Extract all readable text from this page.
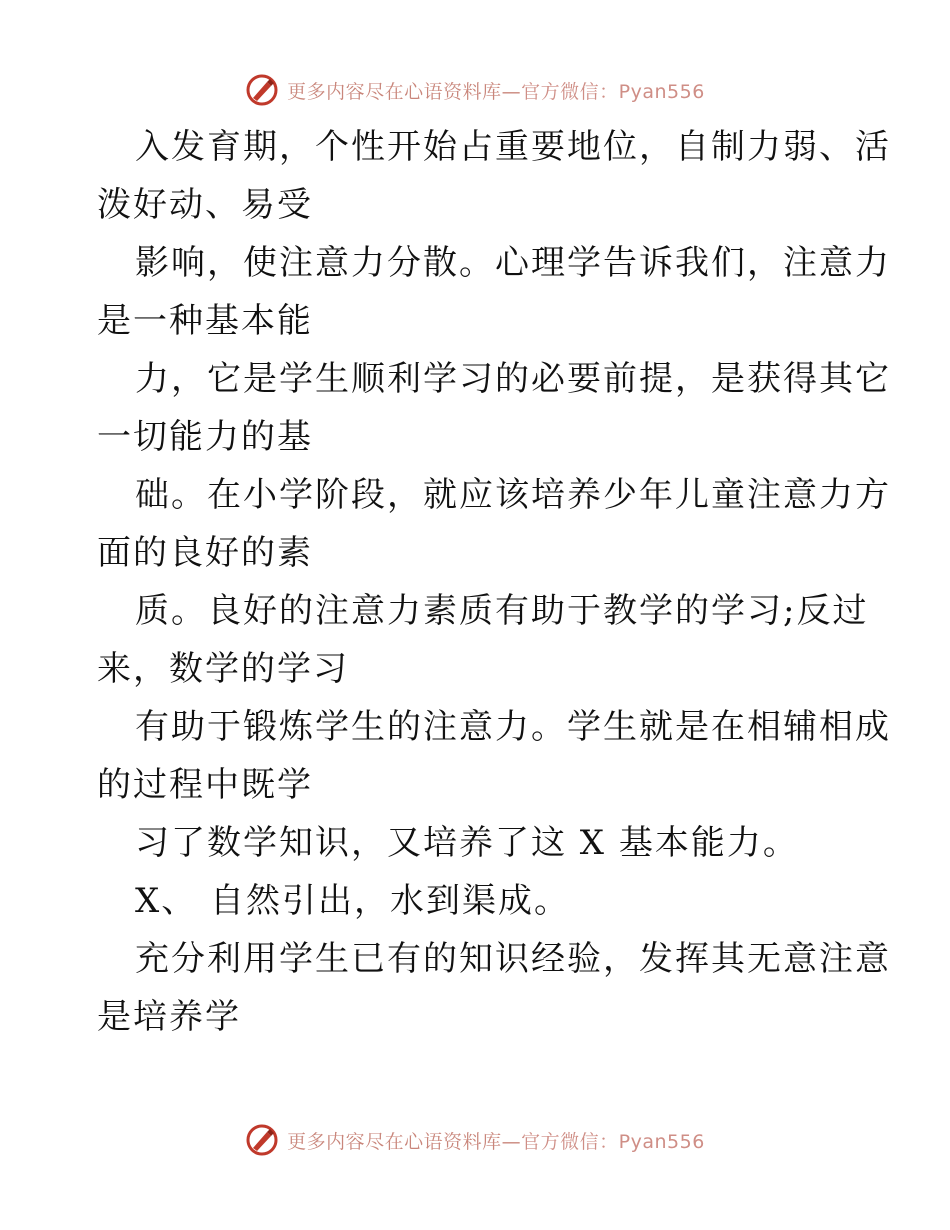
更多内容尽在心语资料库—官方微信：Pyan556
入发育期，个性开始占重要地位，自制力弱、活
泼好动、易受
影响，使注意力分散。心理学告诉我们，注意力
是一种基本能
力，它是学生顺利学习的必要前提，是获得其它
一切能力的基
础。在小学阶段，就应该培养少年儿童注意力方
面的良好的素
质。良好的注意力素质有助于教学的学习;反过
来，数学的学习
有助于锻炼学生的注意力。学生就是在相辅相成
的过程中既学
习了数学知识，又培养了这 X 基本能力。
X、 自然引出，水到渠成。
充分利用学生已有的知识经验，发挥其无意注意
是培养学
更多内容尽在心语资料库—官方微信：Pyan556
